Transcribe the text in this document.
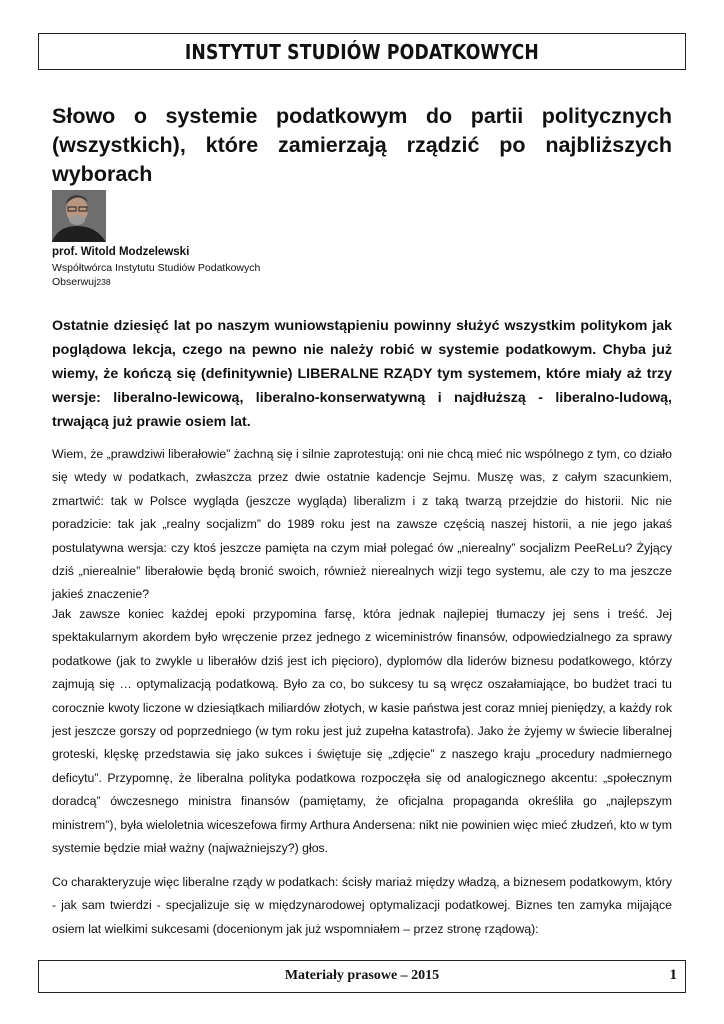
INSTYTUT STUDIÓW PODATKOWYCH
Słowo o systemie podatkowym do partii politycznych (wszystkich), które zamierzają rządzić po najbliższych wyborach
prof. Witold Modzelewski
Współtwórca Instytutu Studiów Podatkowych
Obserwuj238

Ostatnie dziesięć lat po naszym wuniowstąpieniu powinny służyć wszystkim politykom jak poglądowa lekcja, czego na pewno nie należy robić w systemie podatkowym. Chyba już wiemy, że kończą się (definitywnie) LIBERALNE RZĄDY tym systemem, które miały aż trzy wersje: liberalno-lewicową, liberalno-konserwatywną i najdłuższą - liberalno-ludową, trwającą już prawie osiem lat.

Wiem, że „prawdziwi liberałowie” żachną się i silnie zaprotestują: oni nie chcą mieć nic wspólnego z tym, co działo się wtedy w podatkach, zwłaszcza przez dwie ostatnie kadencje Sejmu. Muszę was, z całym szacunkiem, zmartwić: tak w Polsce wygląda (jeszcze wygląda) liberalizm i z taką twarzą przejdzie do historii. Nic nie poradzicie: tak jak „realny socjalizm” do 1989 roku jest na zawsze częścią naszej historii, a nie jego jakaś postulatywna wersja: czy ktoś jeszcze pamięta na czym miał polegać ów „nierealny” socjalizm PeeReLu? Żyjący dziś „nierealnie” liberałowie będą bronić swoich, również nierealnych wizji tego systemu, ale czy to ma jeszcze jakieś znaczenie?

Jak zawsze koniec każdej epoki przypomina farsę, która jednak najlepiej tłumaczy jej sens i treść. Jej spektakularnym akordem było wręczenie przez jednego z wiceministrów finansów, odpowiedzialnego za sprawy podatkowe (jak to zwykle u liberałów dziś jest ich pięcioro), dyplomów dla liderów biznesu podatkowego, którzy zajmują się … optymalizacją podatkową. Było za co, bo sukcesy tu są wręcz oszałamiające, bo budżet traci tu corocznie kwoty liczone w dziesiątkach miliardów złotych, w kasie państwa jest coraz mniej pieniędzy, a każdy rok jest jeszcze gorszy od poprzedniego (w tym roku jest już zupełna katastrofa). Jako że żyjemy w świecie liberalnej groteski, klęskę przedstawia się jako sukces i świętuje się „zdjęcie” z naszego kraju „procedury nadmiernego deficytu”. Przypomnę, że liberalna polityka podatkowa rozpoczęła się od analogicznego akcentu: „społecznym doradcą” ówczesnego ministra finansów (pamiętamy, że oficjalna propaganda określiła go „najlepszym ministrem”), była wieloletnia wiceszefowa firmy Arthura Andersena: nikt nie powinien więc mieć złudzeń, kto w tym systemie będzie miał ważny (najważniejszy?) głos.

Co charakteryzuje więc liberalne rządy w podatkach: ścisły mariaż między władzą, a biznesem podatkowym, który - jak sam twierdzi - specjalizuje się w międzynarodowej optymalizacji podatkowej. Biznes ten zamyka mijające osiem lat wielkimi sukcesami (docenionym jak już wspomniałem – przez stronę rządową):

Materiały prasowe – 2015	1
